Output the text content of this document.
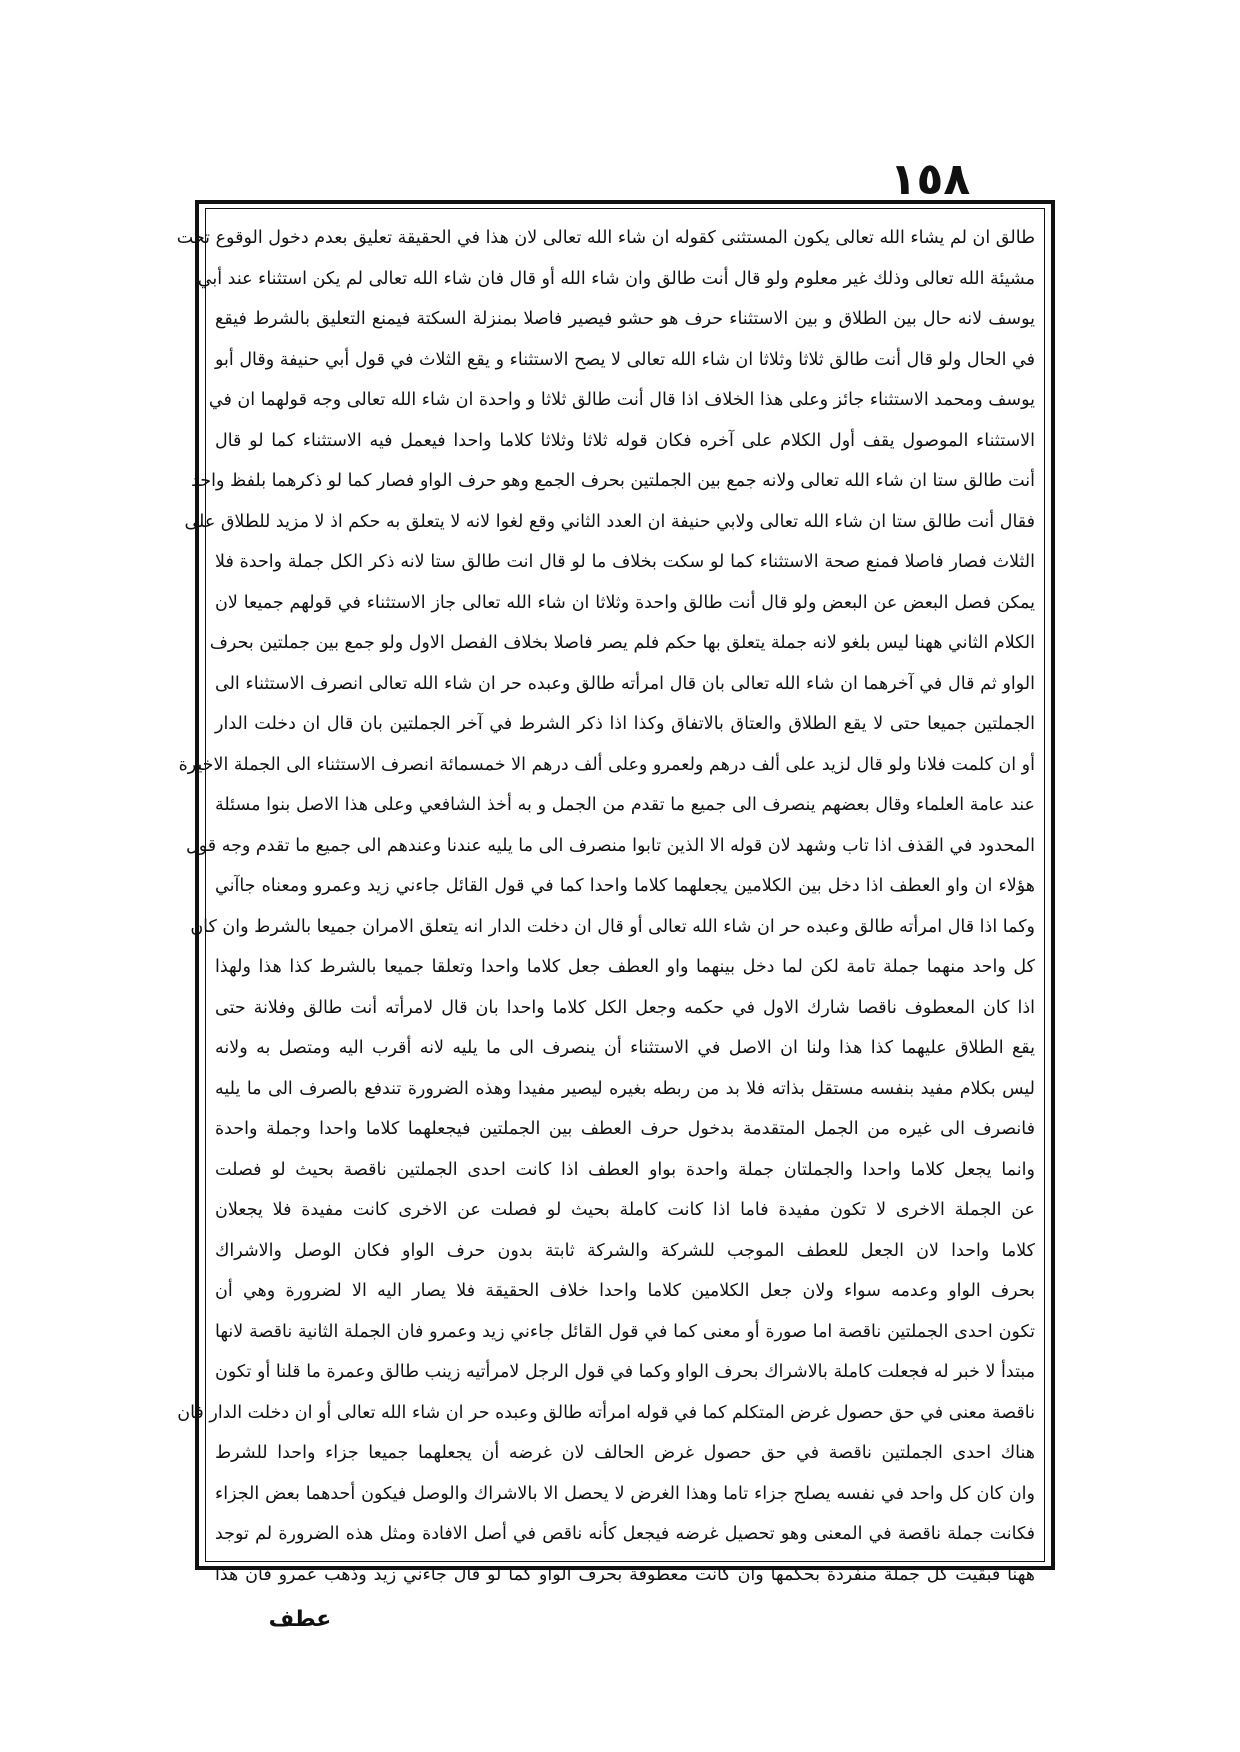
١٥٨
طالق ان لم يشاء الله تعالى يكون المستثنى كقوله ان شاء الله تعالى لان هذا في الحقيقة تعليق بعدم دخول الوقوع تحت
مشيئة الله تعالى وذلك غير معلوم ولو قال أنت طالق وان شاء الله أو قال فان شاء الله تعالى لم يكن استثناء عند أبي
يوسف لانه حال بين الطلاق و بين الاستثناء حرف هو حشو فيصير فاصلا بمنزلة السكتة فيمنع التعليق بالشرط فيقع
في الحال ولو قال أنت طالق ثلاثا وثلاثا ان شاء الله تعالى لا يصح الاستثناء و يقع الثلاث في قول أبي حنيفة وقال أبو
يوسف ومحمد الاستثناء جائز وعلى هذا الخلاف اذا قال أنت طالق ثلاثا و واحدة ان شاء الله تعالى وجه قولهما ان في
الاستثناء الموصول يقف أول الكلام على آخره فكان قوله ثلاثا وثلاثا كلاما واحدا فيعمل فيه الاستثناء كما لو قال
أنت طالق ستا ان شاء الله تعالى ولانه جمع بين الجملتين بحرف الجمع وهو حرف الواو فصار كما لو ذكرهما بلفظ واحد
فقال أنت طالق ستا ان شاء الله تعالى ولابي حنيفة ان العدد الثاني وقع لغوا لانه لا يتعلق به حكم اذ لا مزيد للطلاق على
الثلاث فصار فاصلا فمنع صحة الاستثناء كما لو سكت بخلاف ما لو قال انت طالق ستا لانه ذكر الكل جملة واحدة فلا
يمكن فصل البعض عن البعض ولو قال أنت طالق واحدة وثلاثا ان شاء الله تعالى جاز الاستثناء في قولهم جميعا لان
الكلام الثاني ههنا ليس بلغو لانه جملة يتعلق بها حكم فلم يصر فاصلا بخلاف الفصل الاول ولو جمع بين جملتين بحرف
الواو ثم قال في آخرهما ان شاء الله تعالى بان قال امرأته طالق وعبده حر ان شاء الله تعالى انصرف الاستثناء الى
الجملتين جميعا حتى لا يقع الطلاق والعتاق بالاتفاق وكذا اذا ذكر الشرط في آخر الجملتين بان قال ان دخلت الدار
أو ان كلمت فلانا ولو قال لزيد على ألف درهم ولعمرو وعلى ألف درهم الا خمسمائة انصرف الاستثناء الى الجملة الاخيرة
عند عامة العلماء وقال بعضهم ينصرف الى جميع ما تقدم من الجمل و به أخذ الشافعي وعلى هذا الاصل بنوا مسئلة
المحدود في القذف اذا تاب وشهد لان قوله الا الذين تابوا منصرف الى ما يليه عندنا وعندهم الى جميع ما تقدم وجه قول
هؤلاء ان واو العطف اذا دخل بين الكلامين يجعلهما كلاما واحدا كما في قول القائل جاءني زيد وعمرو ومعناه جاآني
وكما اذا قال امرأته طالق وعبده حر ان شاء الله تعالى أو قال ان دخلت الدار انه يتعلق الامران جميعا بالشرط وان كان
كل واحد منهما جملة تامة لكن لما دخل بينهما واو العطف جعل كلاما واحدا وتعلقا جميعا بالشرط كذا هذا ولهذا
اذا كان المعطوف ناقصا شارك الاول في حكمه وجعل الكل كلاما واحدا بان قال لامرأته أنت طالق وفلانة حتى
يقع الطلاق عليهما كذا هذا ولنا ان الاصل في الاستثناء أن ينصرف الى ما يليه لانه أقرب اليه ومتصل به ولانه
ليس بكلام مفيد بنفسه مستقل بذاته فلا بد من ربطه بغيره ليصير مفيدا وهذه الضرورة تندفع بالصرف الى ما يليه
فانصرف الى غيره من الجمل المتقدمة بدخول حرف العطف بين الجملتين فيجعلهما كلاما واحدا وجملة واحدة
وانما يجعل كلاما واحدا والجملتان جملة واحدة بواو العطف اذا كانت احدى الجملتين ناقصة بحيث لو فصلت
عن الجملة الاخرى لا تكون مفيدة فاما اذا كانت كاملة بحيث لو فصلت عن الاخرى كانت مفيدة فلا يجعلان
كلاما واحدا لان الجعل للعطف الموجب للشركة والشركة ثابتة بدون حرف الواو فكان الوصل والاشراك
بحرف الواو وعدمه سواء ولان جعل الكلامين كلاما واحدا خلاف الحقيقة فلا يصار اليه الا لضرورة وهي أن
تكون احدى الجملتين ناقصة اما صورة أو معنى كما في قول القائل جاءني زيد وعمرو فان الجملة الثانية ناقصة لانها
مبتدأ لا خبر له فجعلت كاملة بالاشراك بحرف الواو وكما في قول الرجل لامرأتيه زينب طالق وعمرة ما قلنا أو تكون
ناقصة معنى في حق حصول غرض المتكلم كما في قوله امرأته طالق وعبده حر ان شاء الله تعالى أو ان دخلت الدار فان
هناك احدى الجملتين ناقصة في حق حصول غرض الحالف لان غرضه أن يجعلهما جميعا جزاء واحدا للشرط
وان كان كل واحد في نفسه يصلح جزاء تاما وهذا الغرض لا يحصل الا بالاشراك والوصل فيكون أحدهما بعض الجزاء
فكانت جملة ناقصة في المعنى وهو تحصيل غرضه فيجعل كأنه ناقص في أصل الافادة ومثل هذه الضرورة لم توجد
ههنا فبقيت كل جملة منفردة بحكمها وان كانت معطوفة بحرف الواو كما لو قال جاءني زيد وذهب عمرو فان هذا
عطف
